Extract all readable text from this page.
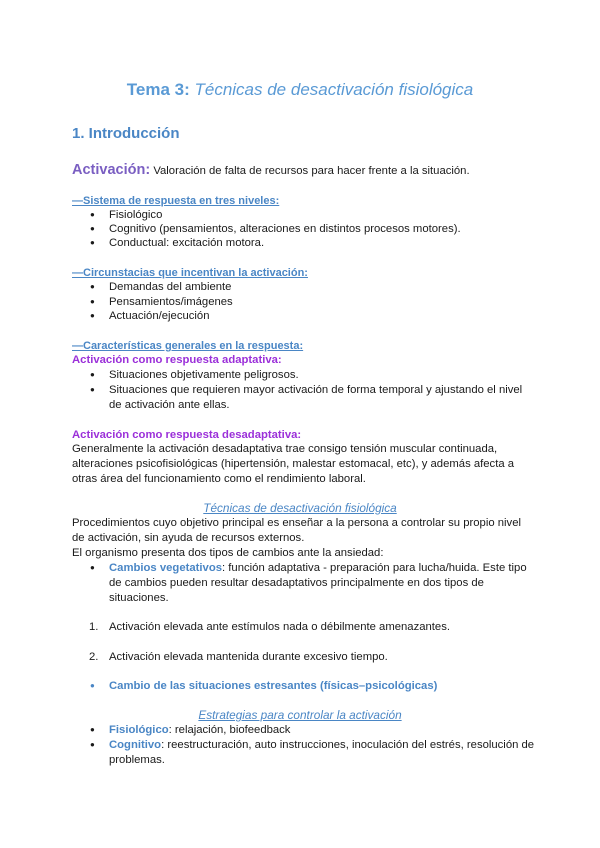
Tema 3: Técnicas de desactivación fisiológica
1. Introducción
Activación: Valoración de falta de recursos para hacer frente a la situación.
—Sistema de respuesta en tres niveles:
● Fisiológico
● Cognitivo (pensamientos, alteraciones en distintos procesos motores).
● Conductual: excitación motora.
—Circunstacias que incentivan la activación:
● Demandas del ambiente
● Pensamientos/imágenes
● Actuación/ejecución
—Características generales en la respuesta:
Activación como respuesta adaptativa:
● Situaciones objetivamente peligrosos.
● Situaciones que requieren mayor activación de forma temporal y ajustando el nivel
de activación ante ellas.
Activación como respuesta desadaptativa:
Generalmente la activación desadaptativa trae consigo tensión muscular continuada,
alteraciones psicofisiológicas (hipertensión, malestar estomacal, etc), y además afecta a
otras área del funcionamiento como el rendimiento laboral.
Técnicas de desactivación fisiológica
Procedimientos cuyo objetivo principal es enseñar a la persona a controlar su propio nivel
de activación, sin ayuda de recursos externos.
El organismo presenta dos tipos de cambios ante la ansiedad:
● Cambios vegetativos: función adaptativa - preparación para lucha/huida. Este tipo
de cambios pueden resultar desadaptativos principalmente en dos tipos de
situaciones.
1. Activación elevada ante estímulos nada o débilmente amenazantes.
2. Activación elevada mantenida durante excesivo tiempo.
● Cambio de las situaciones estresantes (físicas–psicológicas)
Estrategias para controlar la activación
● Fisiológico: relajación, biofeedback
● Cognitivo: reestructuración, auto instrucciones, inoculación del estrés, resolución de
problemas.
